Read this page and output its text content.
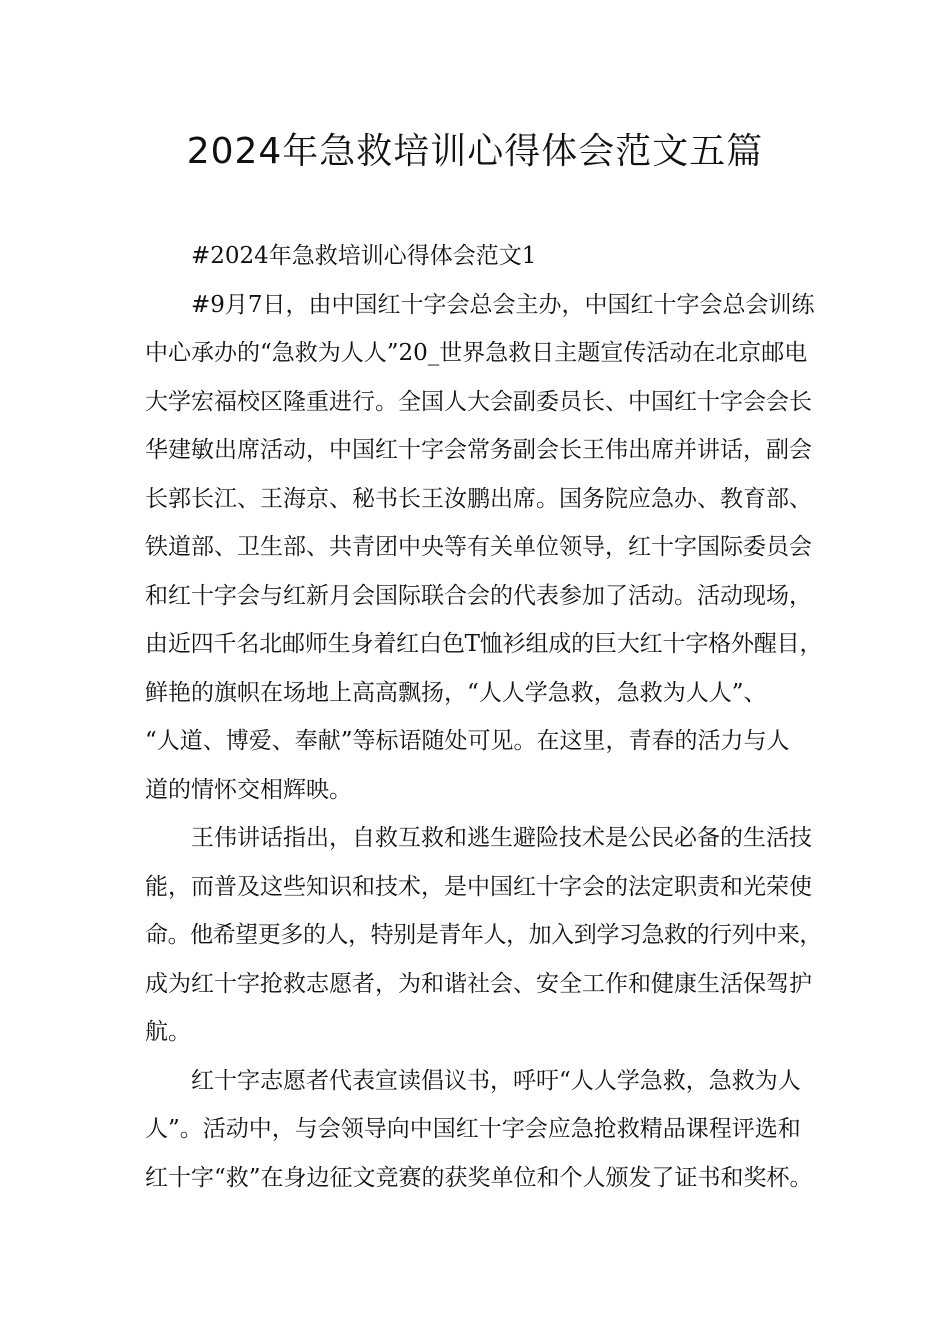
2024年急救培训心得体会范文五篇

#2024年急救培训心得体会范文1

#9月7日，由中国红十字会总会主办，中国红十字会总会训练
中心承办的“急救为人人”20_世界急救日主题宣传活动在北京邮电
大学宏福校区隆重进行。全国人大会副委员长、中国红十字会会长
华建敏出席活动，中国红十字会常务副会长王伟出席并讲话，副会
长郭长江、王海京、秘书长王汝鹏出席。国务院应急办、教育部、
铁道部、卫生部、共青团中央等有关单位领导，红十字国际委员会
和红十字会与红新月会国际联合会的代表参加了活动。活动现场，
由近四千名北邮师生身着红白色T恤衫组成的巨大红十字格外醒目，
鲜艳的旗帜在场地上高高飘扬，“人人学急救，急救为人人”、
“人道、博爱、奉献”等标语随处可见。在这里，青春的活力与人
道的情怀交相辉映。

王伟讲话指出，自救互救和逃生避险技术是公民必备的生活技
能，而普及这些知识和技术，是中国红十字会的法定职责和光荣使
命。他希望更多的人，特别是青年人，加入到学习急救的行列中来，
成为红十字抢救志愿者，为和谐社会、安全工作和健康生活保驾护
航。

红十字志愿者代表宣读倡议书，呼吁“人人学急救，急救为人
人”。活动中，与会领导向中国红十字会应急抢救精品课程评选和
红十字“救”在身边征文竞赛的获奖单位和个人颁发了证书和奖杯。
